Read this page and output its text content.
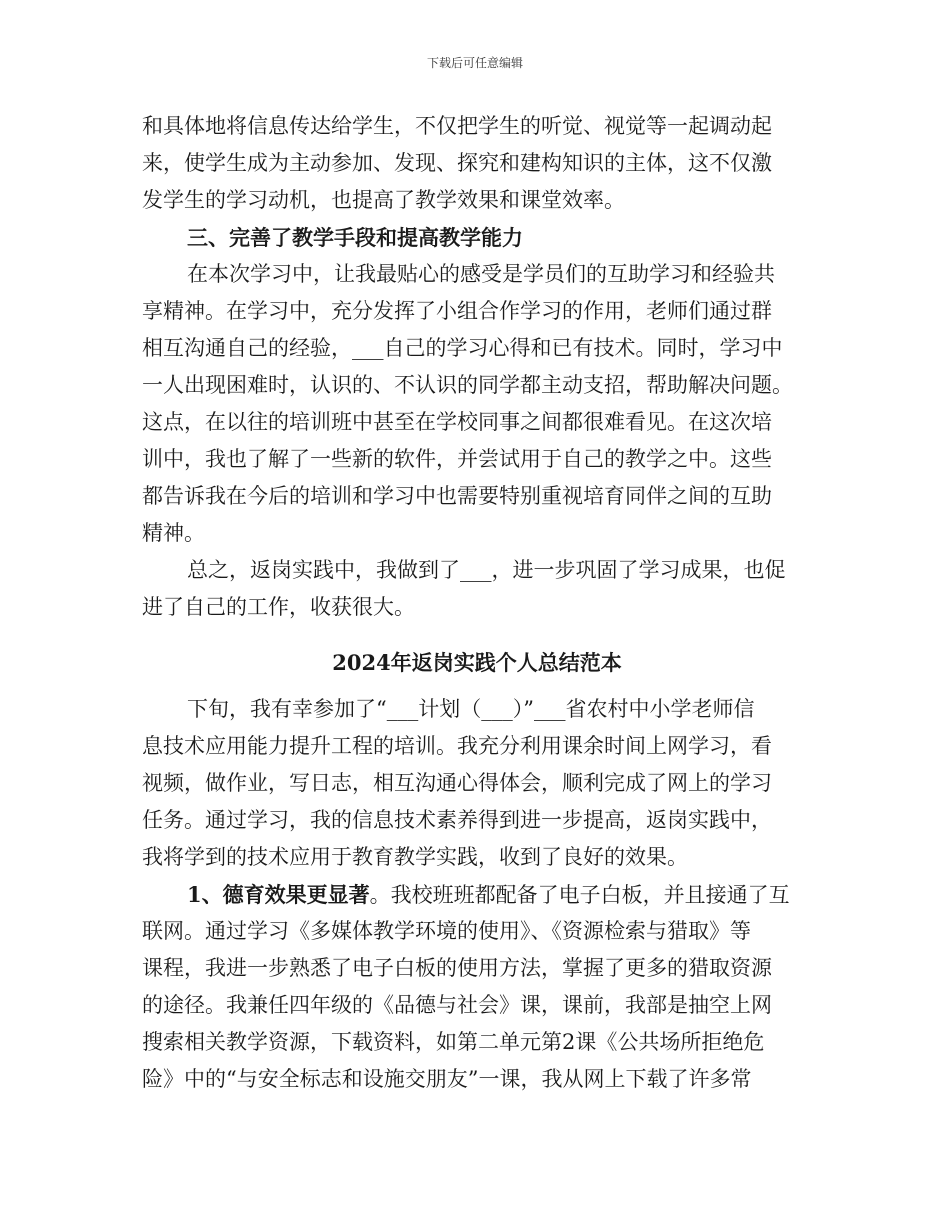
下载后可任意编辑
和具体地将信息传达给学生，不仅把学生的听觉、视觉等一起调动起
来，使学生成为主动参加、发现、探究和建构知识的主体，这不仅激
发学生的学习动机，也提高了教学效果和课堂效率。
三、完善了教学手段和提高教学能力
在本次学习中，让我最贴心的感受是学员们的互助学习和经验共
享精神。在学习中，充分发挥了小组合作学习的作用，老师们通过群
相互沟通自己的经验，___自己的学习心得和已有技术。同时，学习中
一人出现困难时，认识的、不认识的同学都主动支招，帮助解决问题。
这点，在以往的培训班中甚至在学校同事之间都很难看见。在这次培
训中，我也了解了一些新的软件，并尝试用于自己的教学之中。这些
都告诉我在今后的培训和学习中也需要特别重视培育同伴之间的互助
精神。
总之，返岗实践中，我做到了___，进一步巩固了学习成果，也促
进了自己的工作，收获很大。
2024年返岗实践个人总结范本
下旬，我有幸参加了“___计划（___）”___省农村中小学老师信
息技术应用能力提升工程的培训。我充分利用课余时间上网学习，看
视频，做作业，写日志，相互沟通心得体会，顺利完成了网上的学习
任务。通过学习，我的信息技术素养得到进一步提高，返岗实践中，
我将学到的技术应用于教育教学实践，收到了良好的效果。
1、德育效果更显著。我校班班都配备了电子白板，并且接通了互
联网。通过学习《多媒体教学环境的使用》、《资源检索与猎取》等
课程，我进一步熟悉了电子白板的使用方法，掌握了更多的猎取资源
的途径。我兼任四年级的《品德与社会》课，课前，我部是抽空上网
搜索相关教学资源，下载资料，如第二单元第2课《公共场所拒绝危
险》中的“与安全标志和设施交朋友”一课，我从网上下载了许多常
